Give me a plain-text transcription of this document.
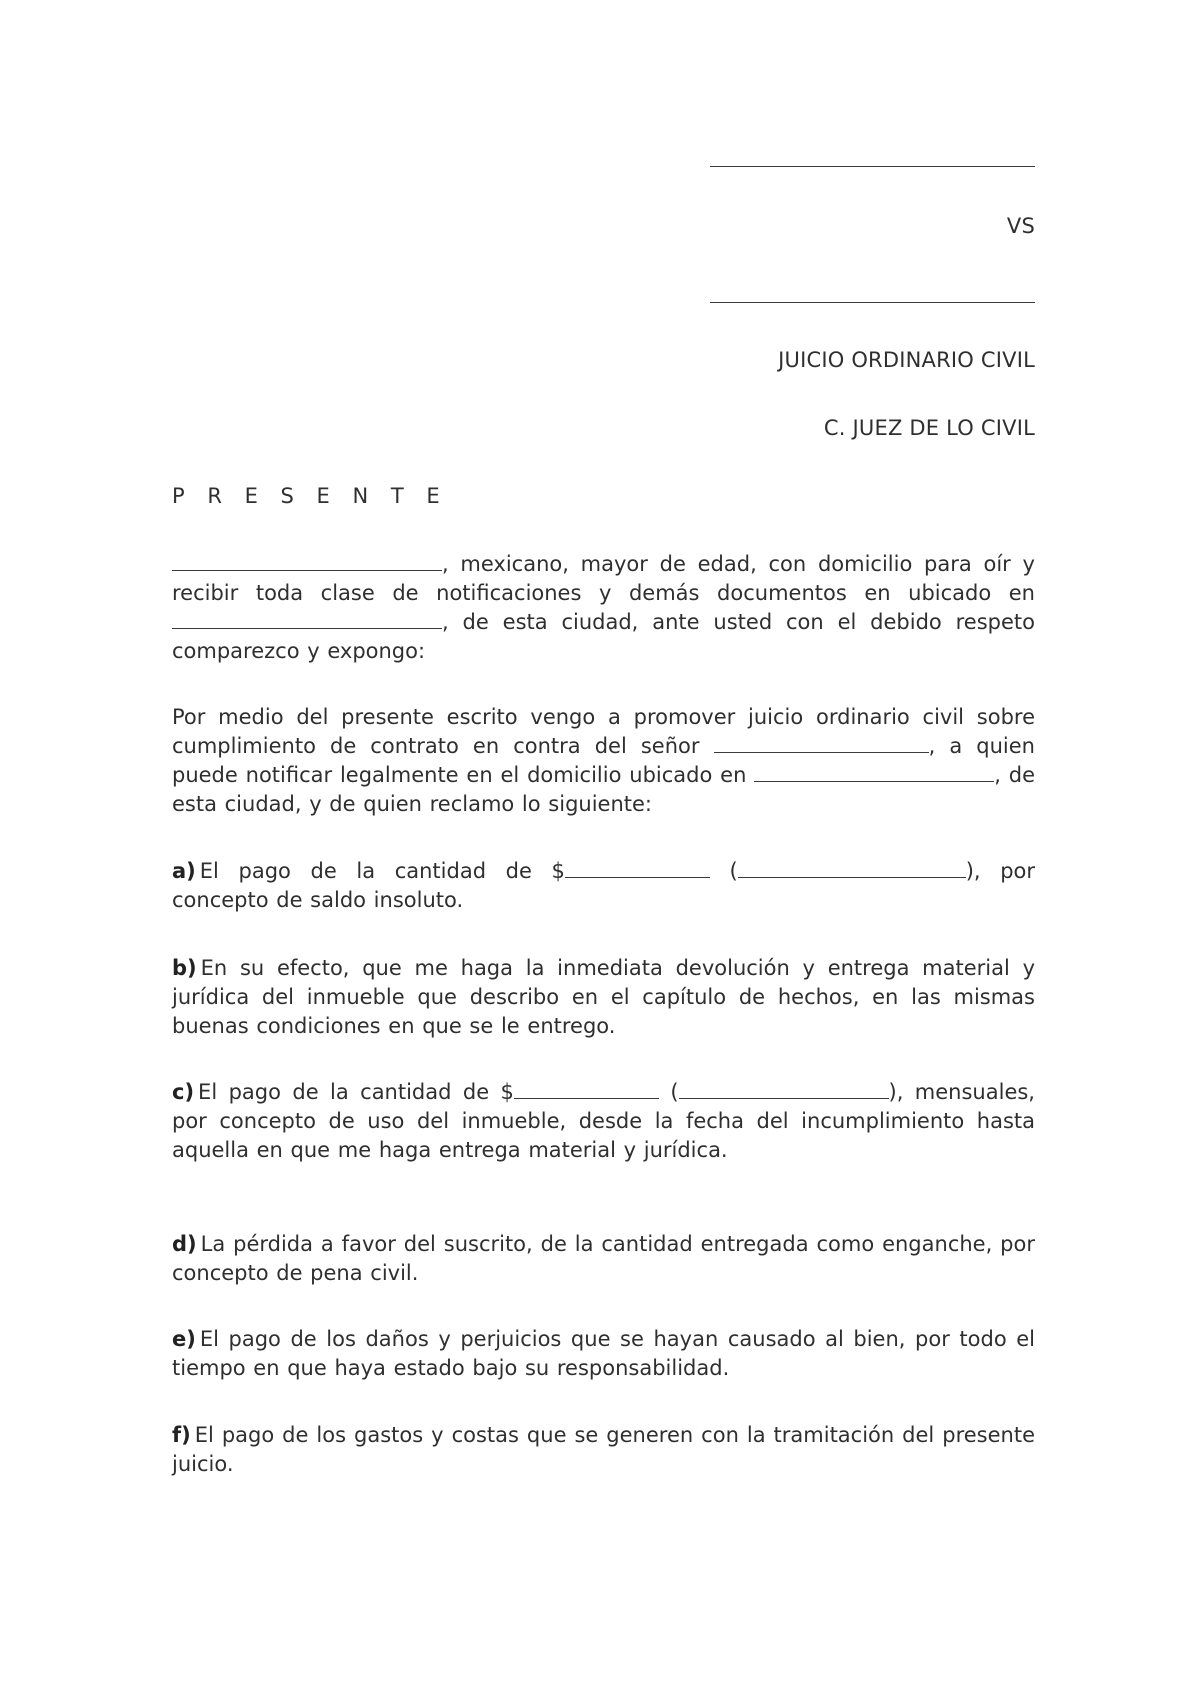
VS
JUICIO ORDINARIO CIVIL
C. JUEZ DE LO CIVIL
P R E S E N T E

, mexicano, mayor de edad, con domicilio para oír y recibir toda clase de notificaciones y demás documentos en ubicado en , de esta ciudad, ante usted con el debido respeto comparezco y expongo:

Por medio del presente escrito vengo a promover juicio ordinario civil sobre cumplimiento de contrato en contra del señor	, a quien puede notificar legalmente en el domicilio ubicado en	, de esta ciudad, y de quien reclamo lo siguiente:

a) El pago de la cantidad de $	(	), por concepto de saldo insoluto.

b) En su efecto, que me haga la inmediata devolución y entrega material y jurídica del inmueble que describo en el capítulo de hechos, en las mismas buenas condiciones en que se le entrego.

c) El pago de la cantidad de $	(	), mensuales, por concepto de uso del inmueble, desde la fecha del incumplimiento hasta aquella en que me haga entrega material y jurídica.

d) La pérdida a favor del suscrito, de la cantidad entregada como enganche, por concepto de pena civil.

e) El pago de los daños y perjuicios que se hayan causado al bien, por todo el tiempo en que haya estado bajo su responsabilidad.

f) El pago de los gastos y costas que se generen con la tramitación del presente juicio.
